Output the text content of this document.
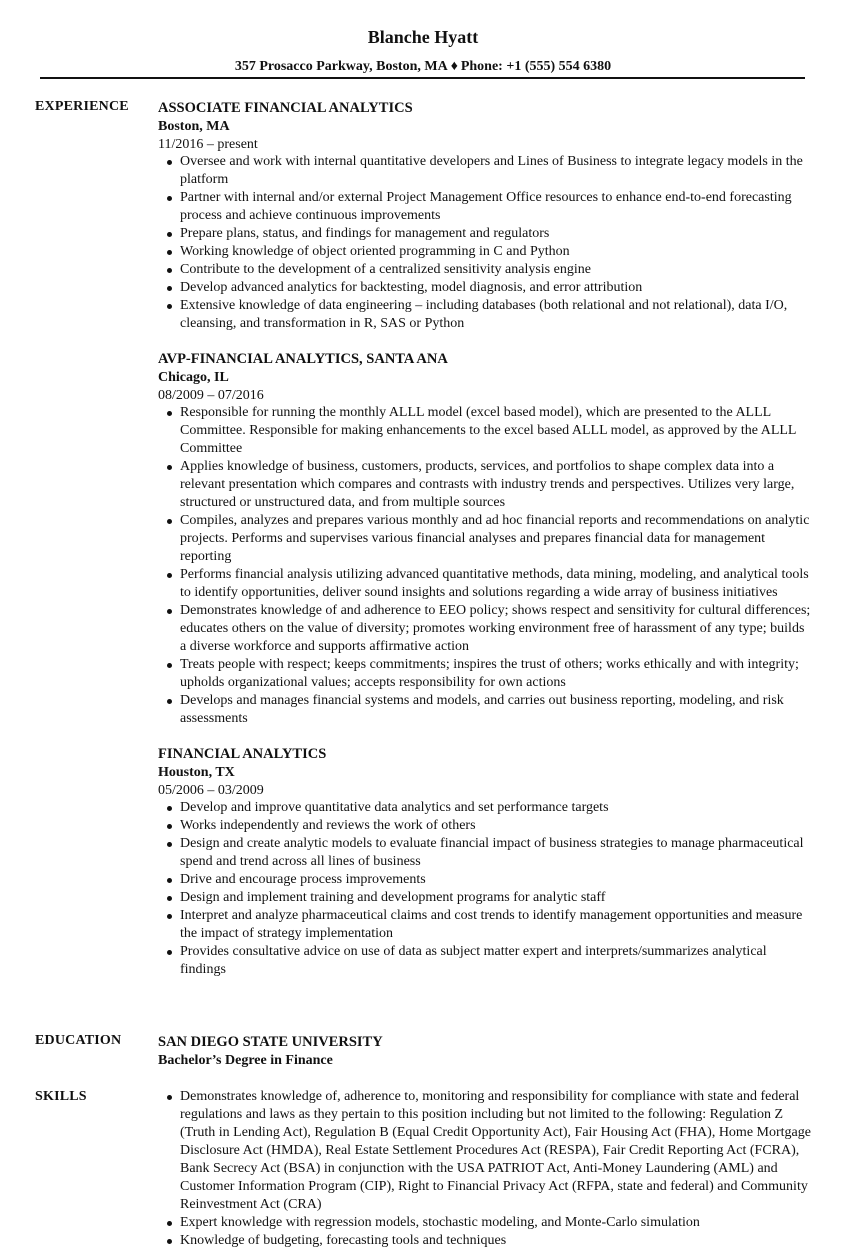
Blanche Hyatt
357 Prosacco Parkway, Boston, MA ♦ Phone: +1 (555) 554 6380
EXPERIENCE ASSOCIATE FINANCIAL ANALYTICS
Boston, MA
11/2016 – present
Oversee and work with internal quantitative developers and Lines of Business to integrate legacy models in the platform
Partner with internal and/or external Project Management Office resources to enhance end-to-end forecasting process and achieve continuous improvements
Prepare plans, status, and findings for management and regulators
Working knowledge of object oriented programming in C and Python
Contribute to the development of a centralized sensitivity analysis engine
Develop advanced analytics for backtesting, model diagnosis, and error attribution
Extensive knowledge of data engineering – including databases (both relational and not relational), data I/O, cleansing, and transformation in R, SAS or Python
AVP-FINANCIAL ANALYTICS, SANTA ANA
Chicago, IL
08/2009 – 07/2016
Responsible for running the monthly ALLL model (excel based model), which are presented to the ALLL Committee. Responsible for making enhancements to the excel based ALLL model, as approved by the ALLL Committee
Applies knowledge of business, customers, products, services, and portfolios to shape complex data into a relevant presentation which compares and contrasts with industry trends and perspectives. Utilizes very large, structured or unstructured data, and from multiple sources
Compiles, analyzes and prepares various monthly and ad hoc financial reports and recommendations on analytic projects. Performs and supervises various financial analyses and prepares financial data for management reporting
Performs financial analysis utilizing advanced quantitative methods, data mining, modeling, and analytical tools to identify opportunities, deliver sound insights and solutions regarding a wide array of business initiatives
Demonstrates knowledge of and adherence to EEO policy; shows respect and sensitivity for cultural differences; educates others on the value of diversity; promotes working environment free of harassment of any type; builds a diverse workforce and supports affirmative action
Treats people with respect; keeps commitments; inspires the trust of others; works ethically and with integrity; upholds organizational values; accepts responsibility for own actions
Develops and manages financial systems and models, and carries out business reporting, modeling, and risk assessments
FINANCIAL ANALYTICS
Houston, TX
05/2006 – 03/2009
Develop and improve quantitative data analytics and set performance targets
Works independently and reviews the work of others
Design and create analytic models to evaluate financial impact of business strategies to manage pharmaceutical spend and trend across all lines of business
Drive and encourage process improvements
Design and implement training and development programs for analytic staff
Interpret and analyze pharmaceutical claims and cost trends to identify management opportunities and measure the impact of strategy implementation
Provides consultative advice on use of data as subject matter expert and interprets/summarizes analytical findings
EDUCATION	SAN DIEGO STATE UNIVERSITY
Bachelor’s Degree in Finance
SKILLS	Demonstrates knowledge of, adherence to, monitoring and responsibility for compliance with state and federal regulations and laws as they pertain to this position including but not limited to the following: Regulation Z (Truth in Lending Act), Regulation B (Equal Credit Opportunity Act), Fair Housing Act (FHA), Home Mortgage Disclosure Act (HMDA), Real Estate Settlement Procedures Act (RESPA), Fair Credit Reporting Act (FCRA), Bank Secrecy Act (BSA) in conjunction with the USA PATRIOT Act, Anti-Money Laundering (AML) and Customer Information Program (CIP), Right to Financial Privacy Act (RFPA, state and federal) and Community Reinvestment Act (CRA)
Expert knowledge with regression models, stochastic modeling, and Monte-Carlo simulation
Knowledge of budgeting, forecasting tools and techniques
